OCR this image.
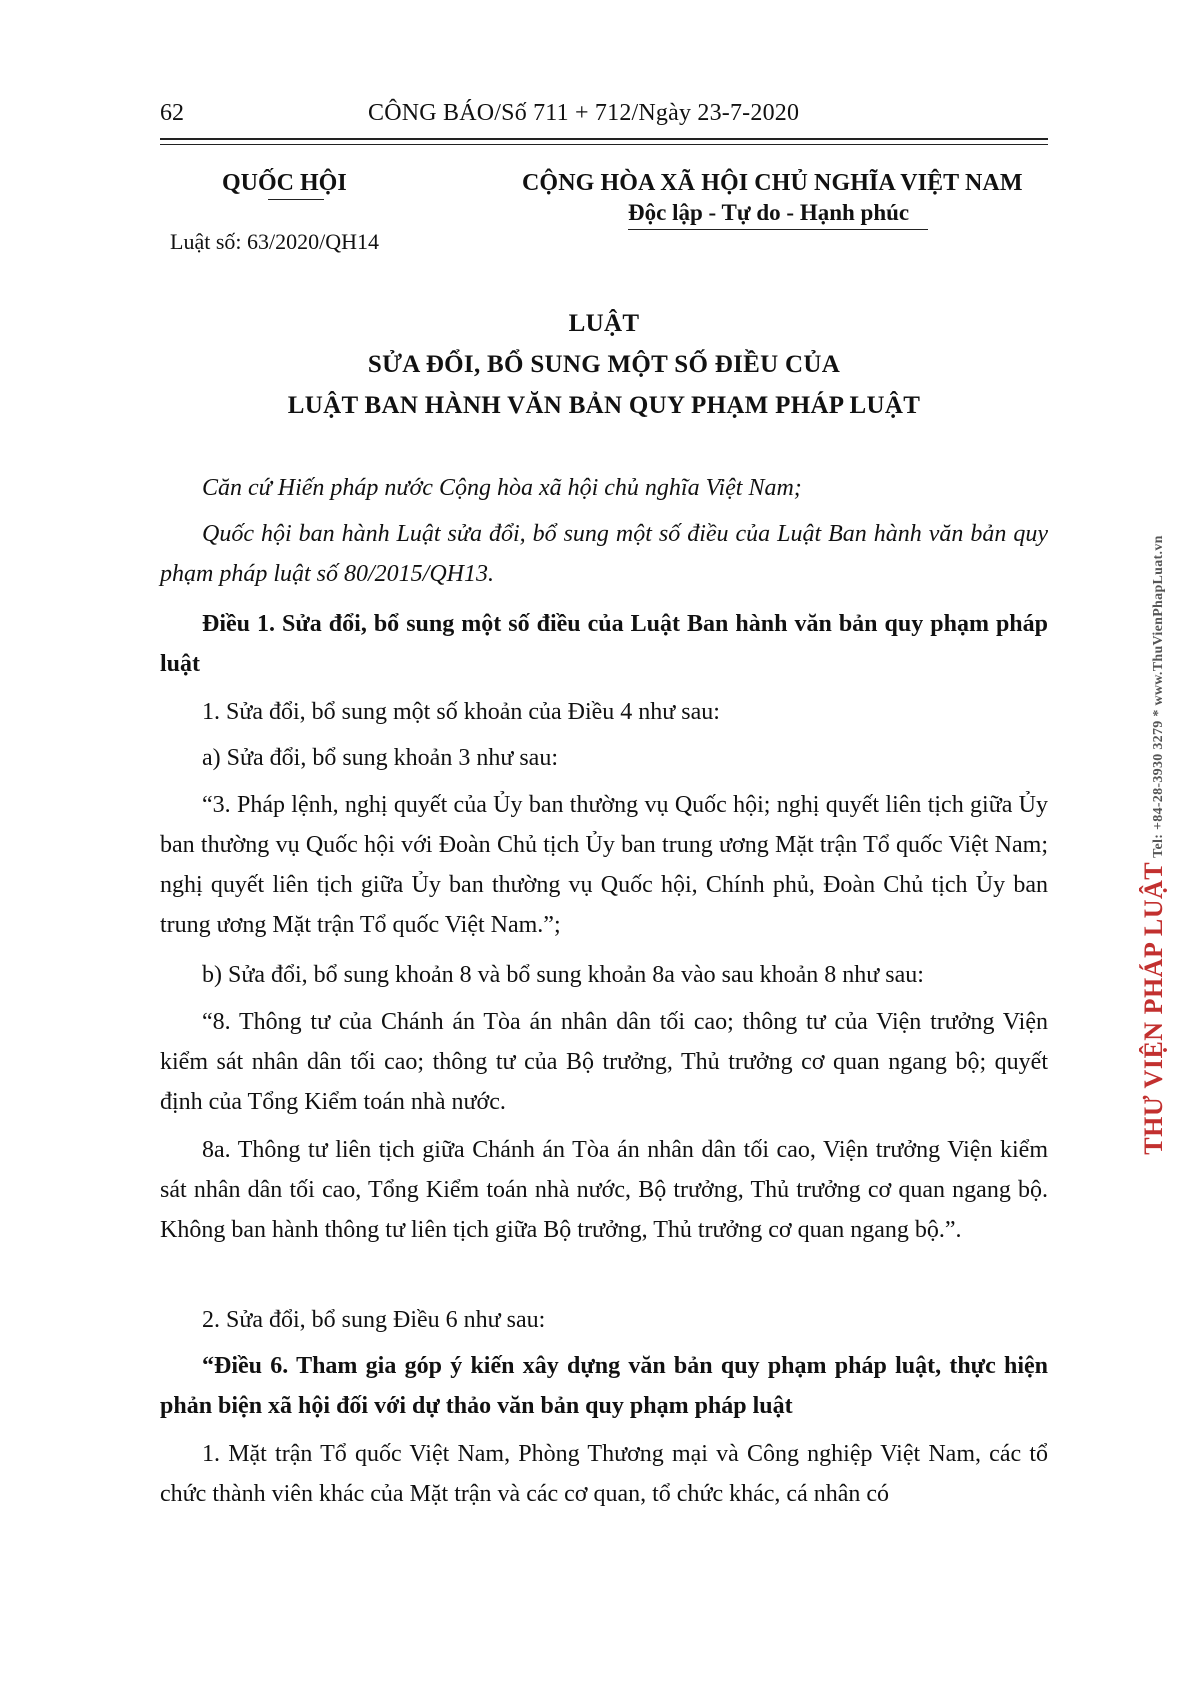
62	CÔNG BÁO/Số 711 + 712/Ngày 23-7-2020
QUỐC HỘI	CỘNG HÒA XÃ HỘI CHỦ NGHĨA VIỆT NAM
Độc lập - Tự do - Hạnh phúc
Luật số: 63/2020/QH14
LUẬT
SỬA ĐỔI, BỔ SUNG MỘT SỐ ĐIỀU CỦA
LUẬT BAN HÀNH VĂN BẢN QUY PHẠM PHÁP LUẬT

Căn cứ Hiến pháp nước Cộng hòa xã hội chủ nghĩa Việt Nam;

Quốc hội ban hành Luật sửa đổi, bổ sung một số điều của Luật Ban hành văn bản quy phạm pháp luật số 80/2015/QH13.

Điều 1. Sửa đổi, bổ sung một số điều của Luật Ban hành văn bản quy phạm pháp luật

1. Sửa đổi, bổ sung một số khoản của Điều 4 như sau:

a) Sửa đổi, bổ sung khoản 3 như sau:

“3. Pháp lệnh, nghị quyết của Ủy ban thường vụ Quốc hội; nghị quyết liên tịch giữa Ủy ban thường vụ Quốc hội với Đoàn Chủ tịch Ủy ban trung ương Mặt trận Tổ quốc Việt Nam; nghị quyết liên tịch giữa Ủy ban thường vụ Quốc hội, Chính phủ, Đoàn Chủ tịch Ủy ban trung ương Mặt trận Tổ quốc Việt Nam.”;

b) Sửa đổi, bổ sung khoản 8 và bổ sung khoản 8a vào sau khoản 8 như sau:

“8. Thông tư của Chánh án Tòa án nhân dân tối cao; thông tư của Viện trưởng Viện kiểm sát nhân dân tối cao; thông tư của Bộ trưởng, Thủ trưởng cơ quan ngang bộ; quyết định của Tổng Kiểm toán nhà nước.

8a. Thông tư liên tịch giữa Chánh án Tòa án nhân dân tối cao, Viện trưởng Viện kiểm sát nhân dân tối cao, Tổng Kiểm toán nhà nước, Bộ trưởng, Thủ trưởng cơ quan ngang bộ. Không ban hành thông tư liên tịch giữa Bộ trưởng, Thủ trưởng cơ quan ngang bộ.”.

2. Sửa đổi, bổ sung Điều 6 như sau:

“Điều 6. Tham gia góp ý kiến xây dựng văn bản quy phạm pháp luật, thực hiện phản biện xã hội đối với dự thảo văn bản quy phạm pháp luật

1. Mặt trận Tổ quốc Việt Nam, Phòng Thương mại và Công nghiệp Việt Nam, các tổ chức thành viên khác của Mặt trận và các cơ quan, tổ chức khác, cá nhân có

THƯ VIỆN PHÁP LUẬT Tel: +84-28-3930 3279 * www.ThuVienPhapLuat.vn
